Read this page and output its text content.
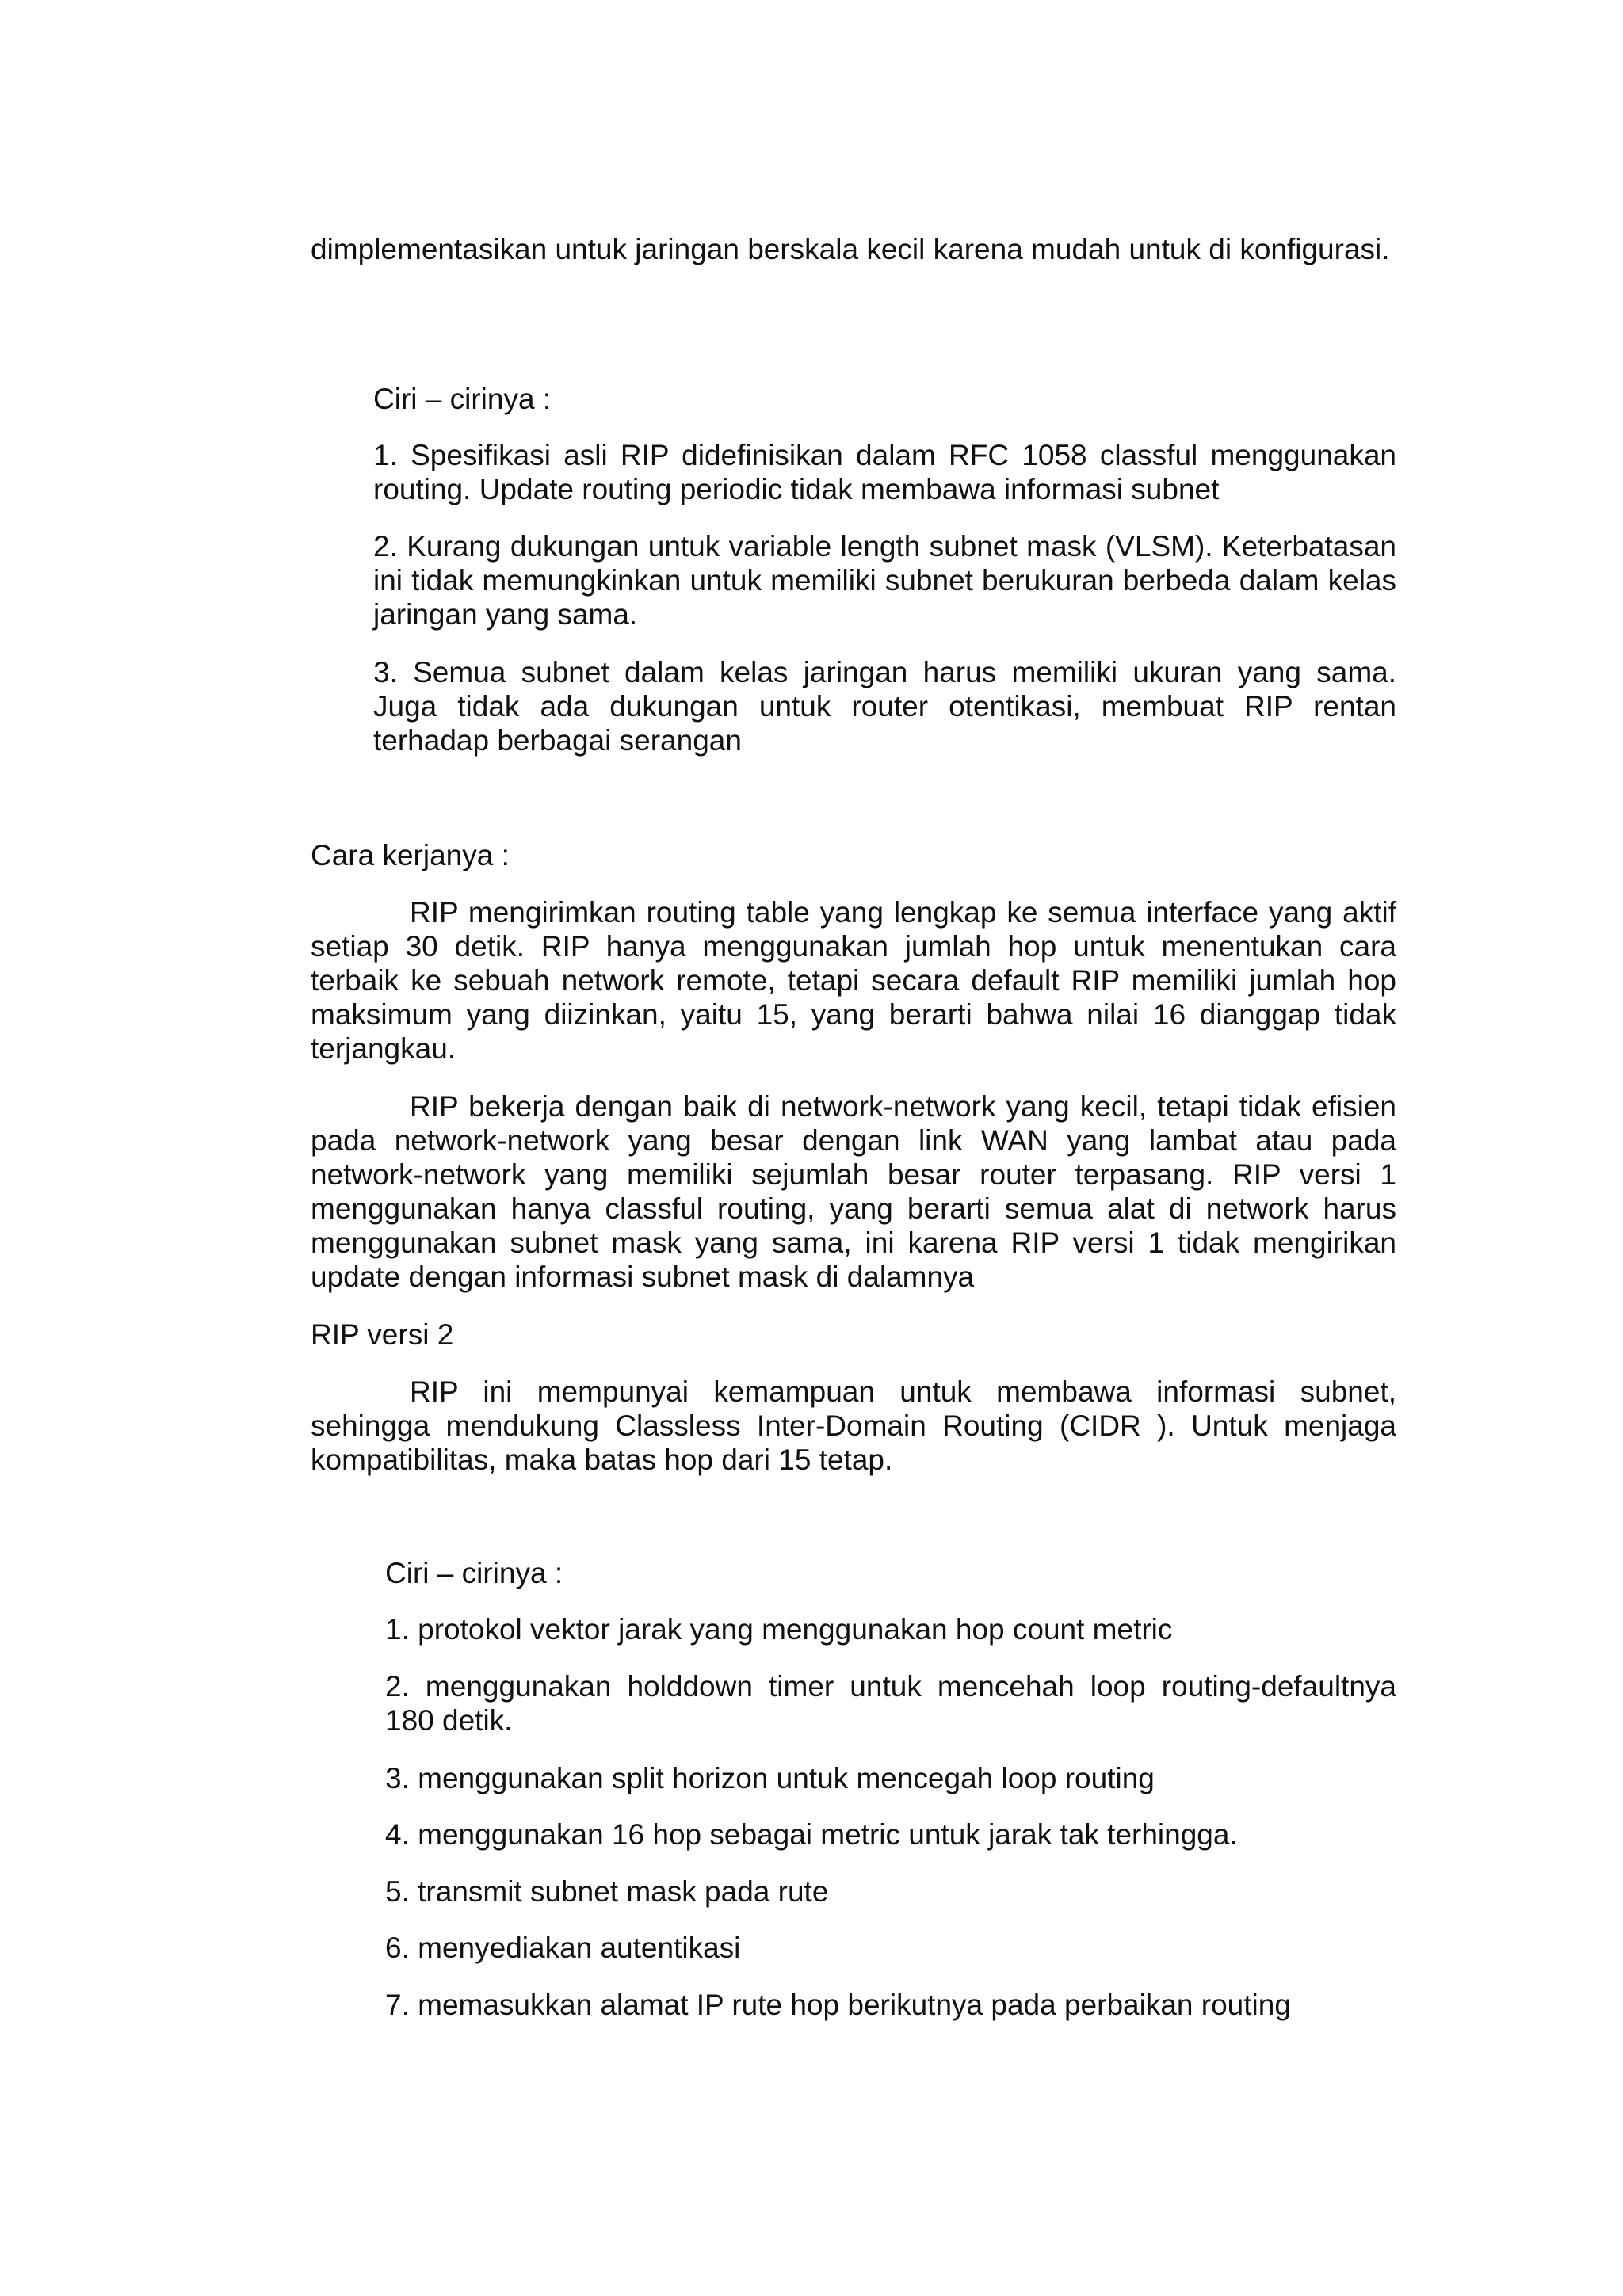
dimplementasikan untuk jaringan berskala kecil karena mudah untuk di konfigurasi.

Ciri – cirinya :

1. Spesifikasi asli RIP didefinisikan dalam RFC 1058 classful menggunakan routing. Update routing periodic tidak membawa informasi subnet

2. Kurang dukungan untuk variable length subnet mask (VLSM). Keterbatasan ini tidak memungkinkan untuk memiliki subnet berukuran berbeda dalam kelas jaringan yang sama.

3. Semua subnet dalam kelas jaringan harus memiliki ukuran yang sama. Juga tidak ada dukungan untuk router otentikasi, membuat RIP rentan terhadap berbagai serangan

Cara kerjanya :

RIP mengirimkan routing table yang lengkap ke semua interface yang aktif setiap 30 detik. RIP hanya menggunakan jumlah hop untuk menentukan cara terbaik ke sebuah network remote, tetapi secara default RIP memiliki jumlah hop maksimum yang diizinkan, yaitu 15, yang berarti bahwa nilai 16 dianggap tidak terjangkau.

RIP bekerja dengan baik di network-network yang kecil, tetapi tidak efisien pada network-network yang besar dengan link WAN yang lambat atau pada network-network yang memiliki sejumlah besar router terpasang. RIP versi 1 menggunakan hanya classful routing, yang berarti semua alat di network harus menggunakan subnet mask yang sama, ini karena RIP versi 1 tidak mengirikan update dengan informasi subnet mask di dalamnya

RIP versi 2

RIP ini mempunyai kemampuan untuk membawa informasi subnet, sehingga mendukung Classless Inter-Domain Routing (CIDR ). Untuk menjaga kompatibilitas, maka batas hop dari 15 tetap.

Ciri – cirinya :

1. protokol vektor jarak yang menggunakan hop count metric

2. menggunakan holddown timer untuk mencehah loop routing-defaultnya 180 detik.

3. menggunakan split horizon untuk mencegah loop routing

4. menggunakan 16 hop sebagai metric untuk jarak tak terhingga.

5. transmit subnet mask pada rute

6. menyediakan autentikasi

7. memasukkan alamat IP rute hop berikutnya pada perbaikan routing
